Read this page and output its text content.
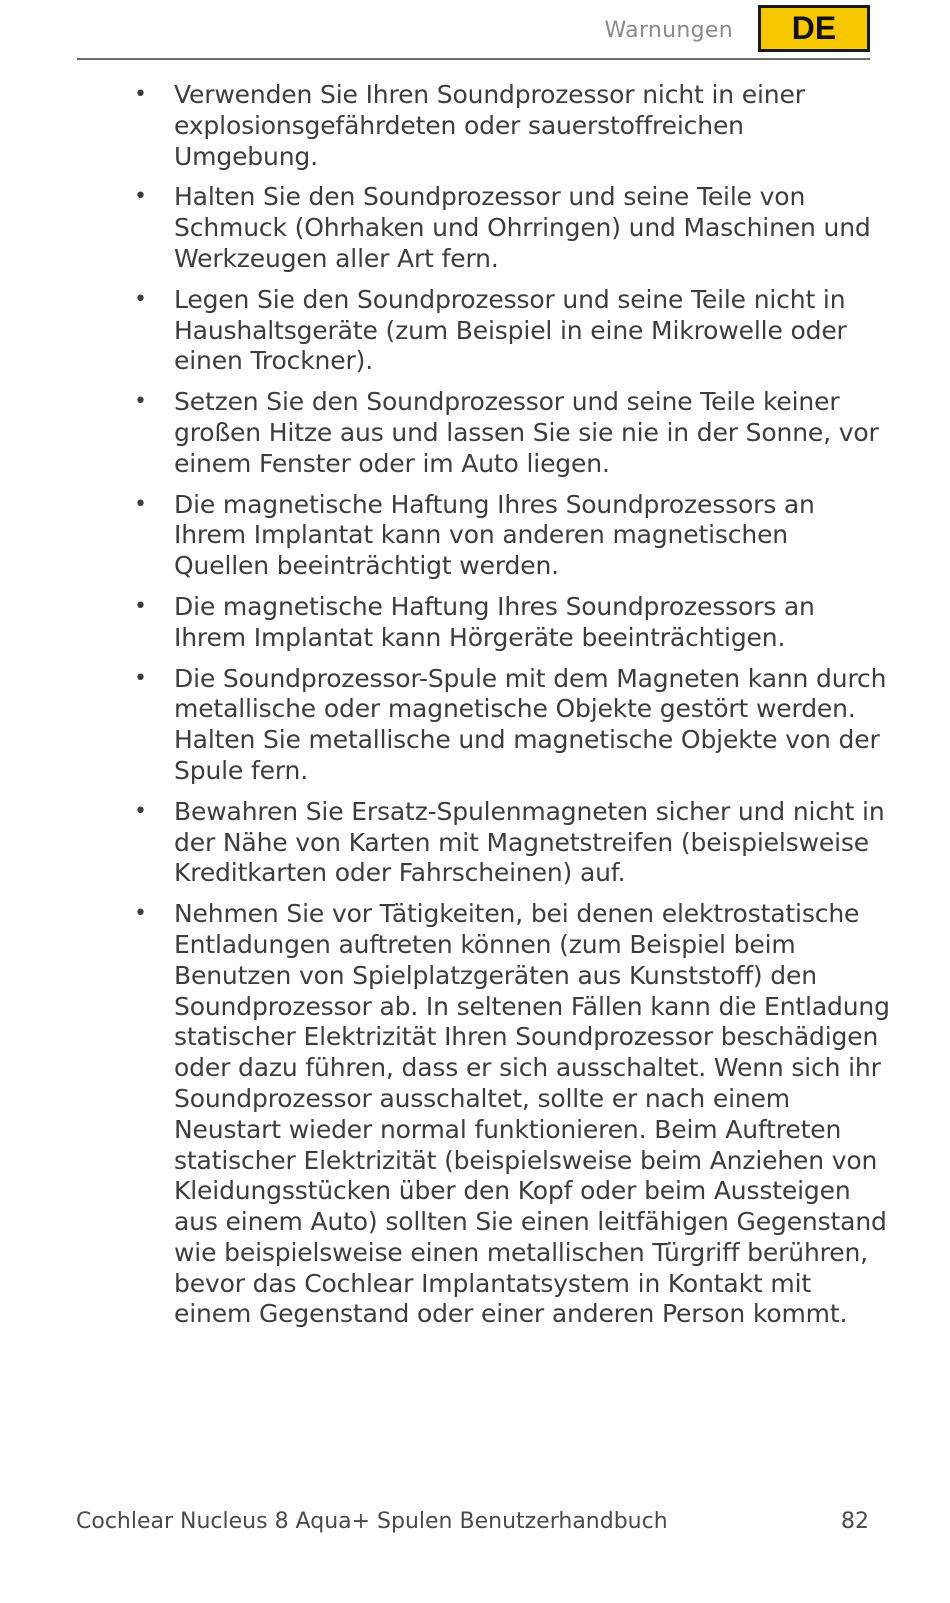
Warnungen	DE
• Verwenden Sie Ihren Soundprozessor nicht in einer explosionsgefährdeten oder sauerstoffreichen Umgebung.
• Halten Sie den Soundprozessor und seine Teile von Schmuck (Ohrhaken und Ohrringen) und Maschinen und Werkzeugen aller Art fern.
• Legen Sie den Soundprozessor und seine Teile nicht in Haushaltsgeräte (zum Beispiel in eine Mikrowelle oder einen Trockner).
• Setzen Sie den Soundprozessor und seine Teile keiner großen Hitze aus und lassen Sie sie nie in der Sonne, vor einem Fenster oder im Auto liegen.
• Die magnetische Haftung Ihres Soundprozessors an Ihrem Implantat kann von anderen magnetischen Quellen beeinträchtigt werden.
• Die magnetische Haftung Ihres Soundprozessors an Ihrem Implantat kann Hörgeräte beeinträchtigen.
• Die Soundprozessor-Spule mit dem Magneten kann durch metallische oder magnetische Objekte gestört werden. Halten Sie metallische und magnetische Objekte von der Spule fern.
• Bewahren Sie Ersatz-Spulenmagneten sicher und nicht in der Nähe von Karten mit Magnetstreifen (beispielsweise Kreditkarten oder Fahrscheinen) auf.
• Nehmen Sie vor Tätigkeiten, bei denen elektrostatische Entladungen auftreten können (zum Beispiel beim Benutzen von Spielplatzgeräten aus Kunststoff) den Soundprozessor ab. In seltenen Fällen kann die Entladung statischer Elektrizität Ihren Soundprozessor beschädigen oder dazu führen, dass er sich ausschaltet. Wenn sich ihr Soundprozessor ausschaltet, sollte er nach einem Neustart wieder normal funktionieren. Beim Auftreten statischer Elektrizität (beispielsweise beim Anziehen von Kleidungsstücken über den Kopf oder beim Aussteigen aus einem Auto) sollten Sie einen leitfähigen Gegenstand wie beispielsweise einen metallischen Türgriff berühren, bevor das Cochlear Implantatsystem in Kontakt mit einem Gegenstand oder einer anderen Person kommt.
Cochlear Nucleus 8 Aqua+ Spulen Benutzerhandbuch	82
